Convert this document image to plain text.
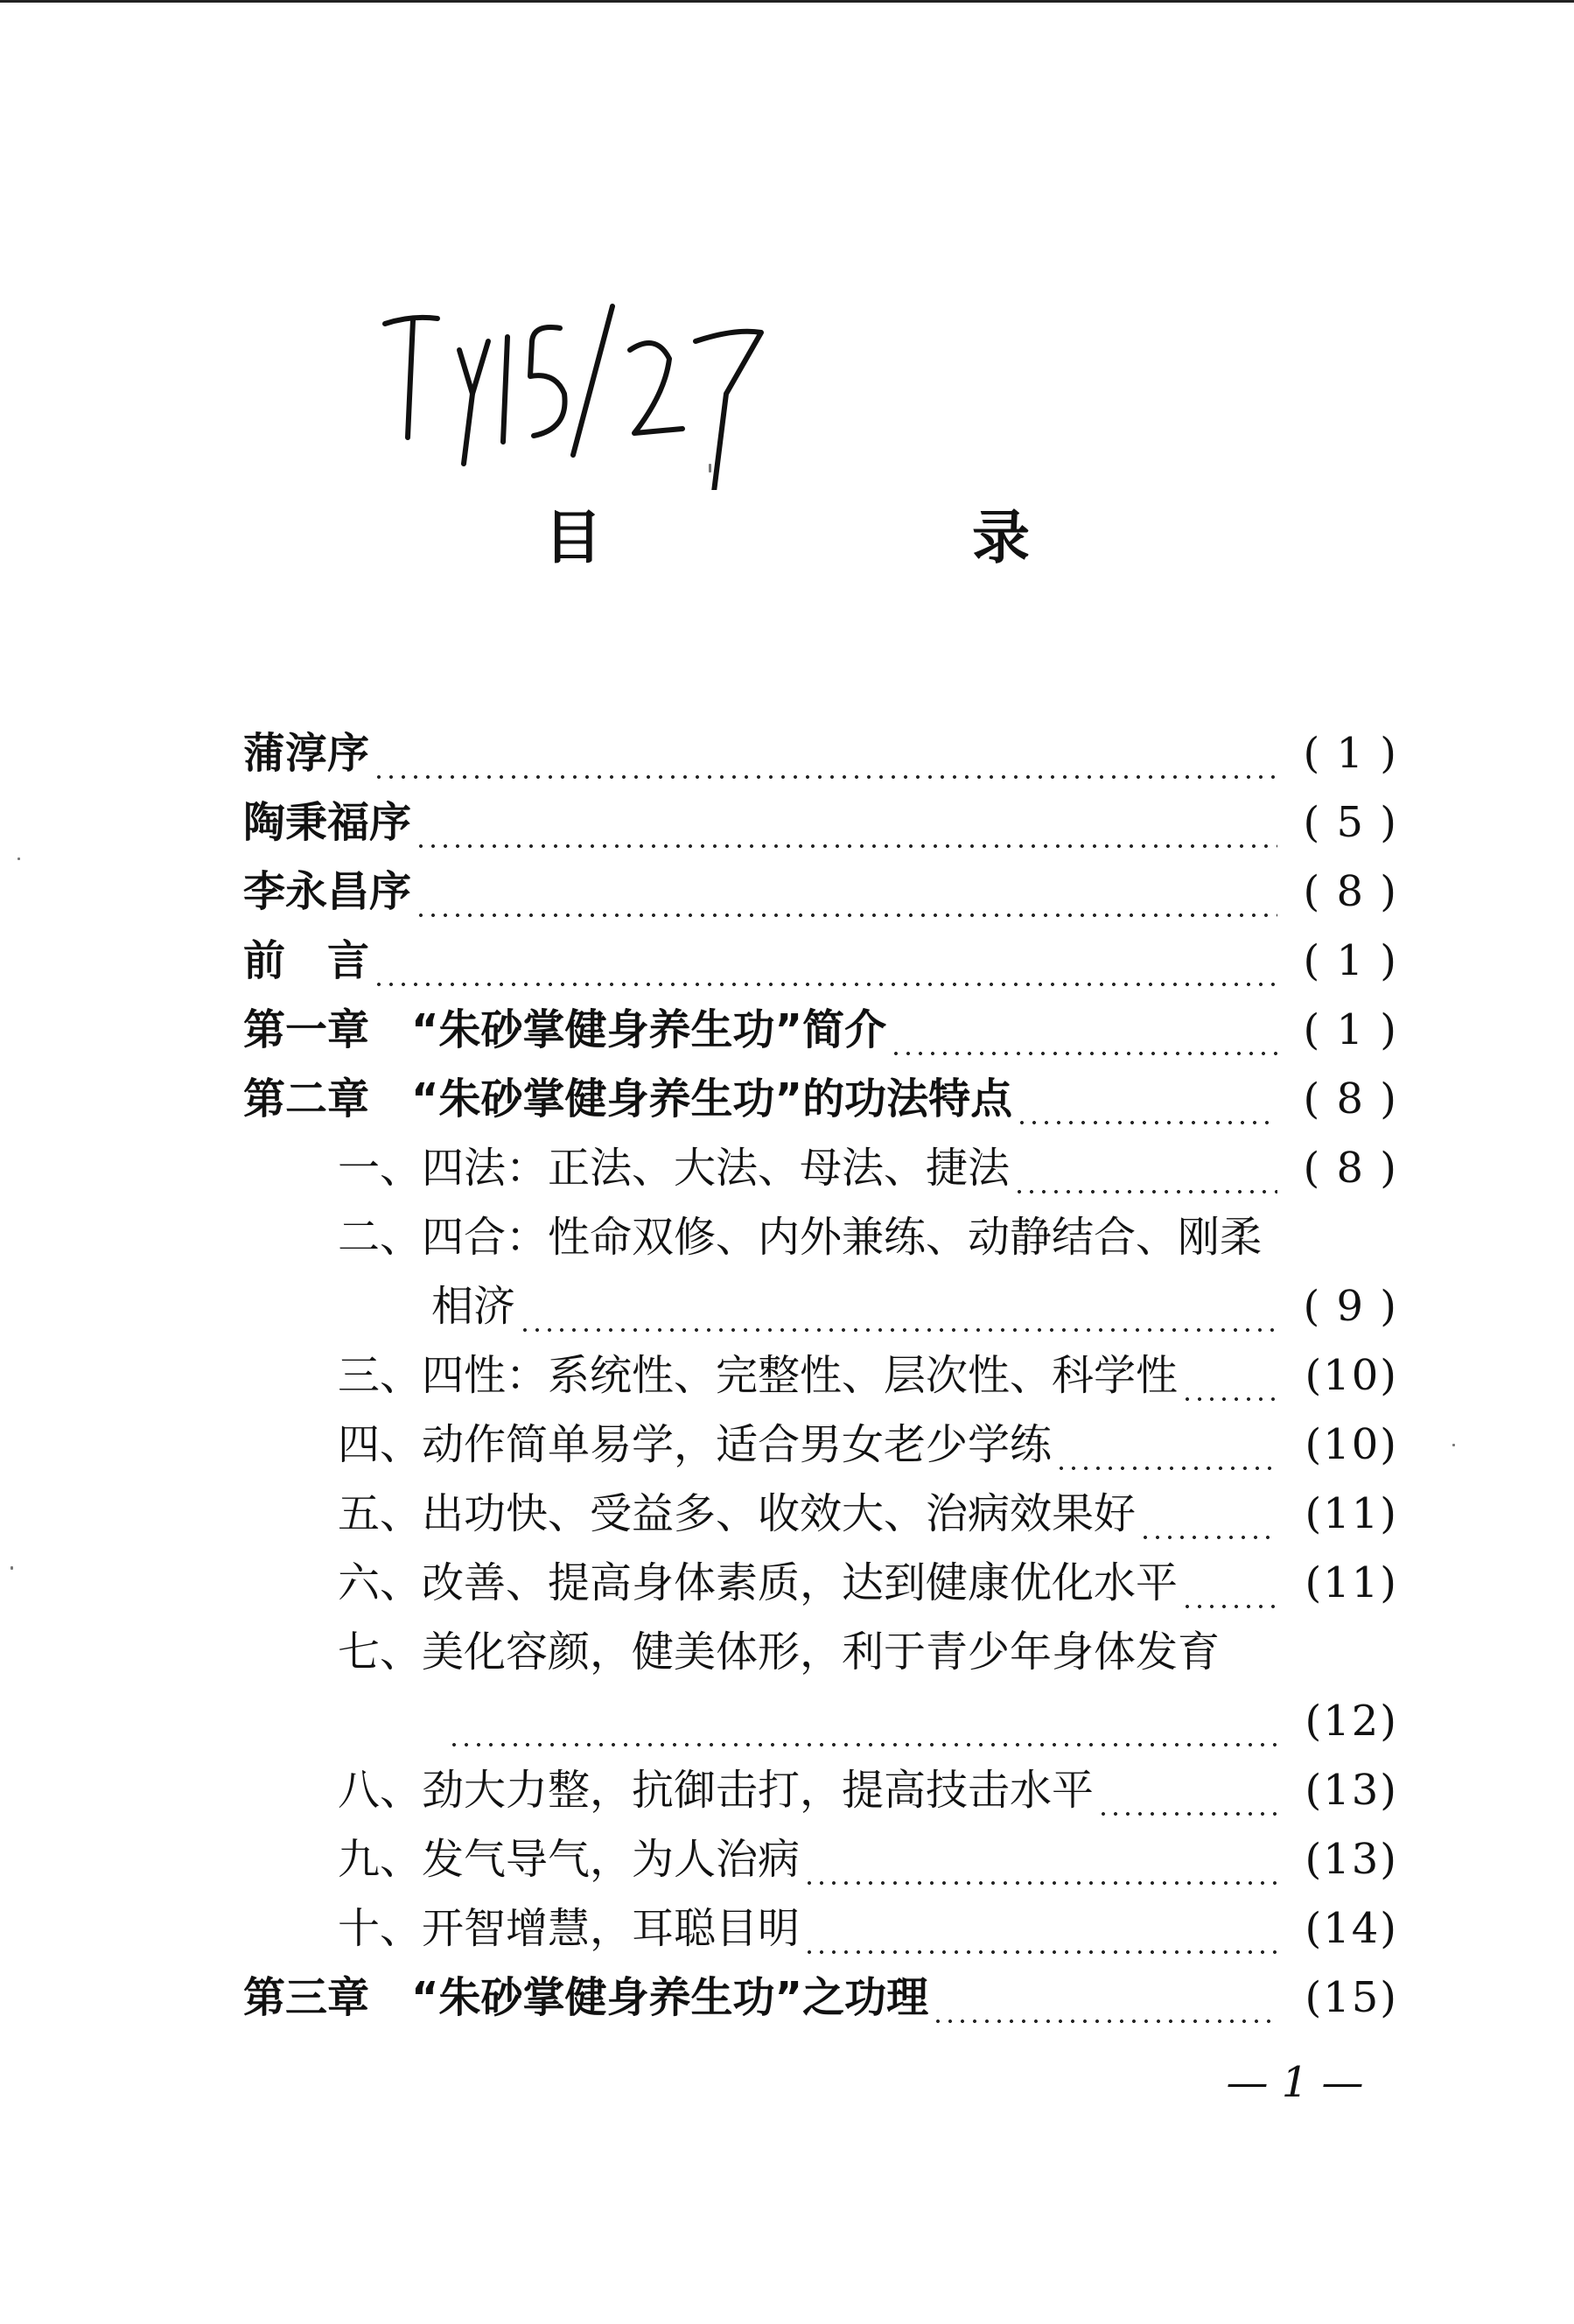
目 录
蒲淳序	( 1 )
陶秉福序	( 5 )
李永昌序	( 8 )
前　言	( 1 )
第一章　“朱砂掌健身养生功”简介	( 1 )
第二章　“朱砂掌健身养生功”的功法特点	( 8 )
一、四法：正法、大法、母法、捷法	( 8 )
二、四合：性命双修、内外兼练、动静结合、刚柔
相济	( 9 )
三、四性：系统性、完整性、层次性、科学性	(10)
四、动作简单易学，适合男女老少学练	(10)
五、出功快、受益多、收效大、治病效果好	(11)
六、改善、提高身体素质，达到健康优化水平	(11)
七、美化容颜，健美体形，利于青少年身体发育
(12)
八、劲大力整，抗御击打，提高技击水平	(13)
九、发气导气，为人治病	(13)
十、开智增慧，耳聪目明	(14)
第三章　“朱砂掌健身养生功”之功理	(15)
— 1 —
